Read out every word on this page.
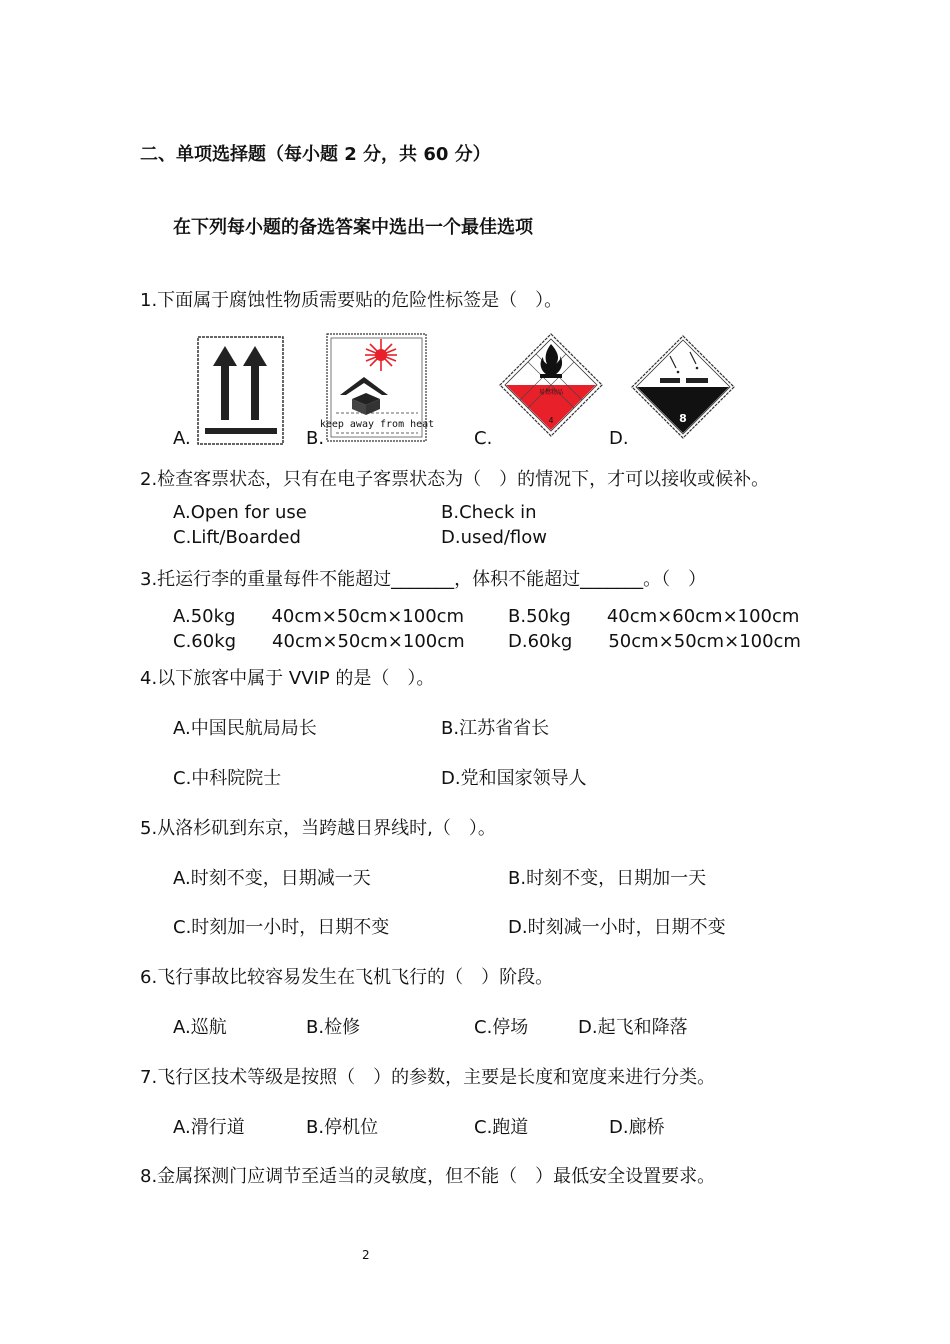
二、单项选择题（每小题 2 分，共 60 分）
在下列每小题的备选答案中选出一个最佳选项
1.下面属于腐蚀性物质需要贴的危险性标签是（　）。
A.	B.
keep away from heat
C.
易燃物品
4
D.
8
2.检查客票状态，只有在电子客票状态为（　）的情况下，才可以接收或候补。
A.Open for use	B.Check in
C.Lift/Boarded	D.used/flow
3.托运行李的重量每件不能超过_______，体积不能超过_______。（　）
A.50kg　　40cm×50cm×100cm B.50kg　　40cm×60cm×100cm
C.60kg　　40cm×50cm×100cm D.60kg　　50cm×50cm×100cm
4.以下旅客中属于 VVIP 的是（　）。
A.中国民航局局长	B.江苏省省长
C.中科院院士	D.党和国家领导人
5.从洛杉矶到东京，当跨越日界线时,（　）。
A.时刻不变，日期减一天	B.时刻不变，日期加一天
C.时刻加一小时，日期不变	D.时刻减一小时，日期不变
6.飞行事故比较容易发生在飞机飞行的（　）阶段。
A.巡航	B.检修	C.停场	D.起飞和降落
7.飞行区技术等级是按照（　）的参数，主要是长度和宽度来进行分类。
A.滑行道	B.停机位	C.跑道	D.廊桥
8.金属探测门应调节至适当的灵敏度，但不能（　）最低安全设置要求。
2
